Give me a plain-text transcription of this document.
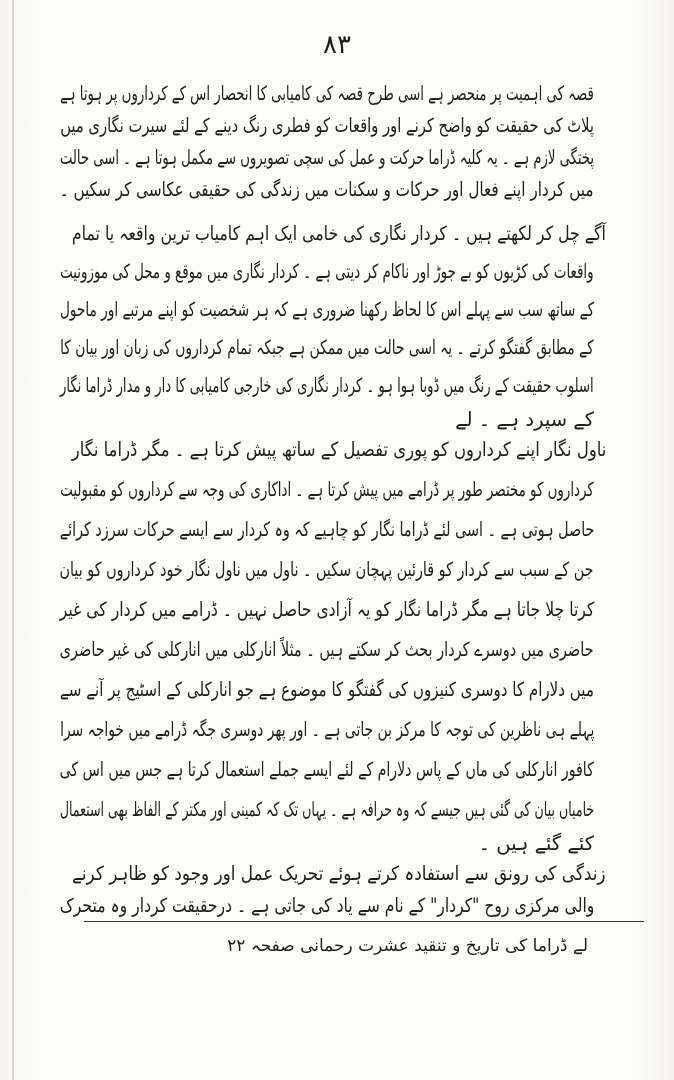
۸۳
قصہ کی اہمیت پر منحصر ہے اسی طرح قصہ کی کامیابی کا انحصار اس کے کرداروں پر ہوتا ہے
پلاٹ کی حقیقت کو واضح کرنے اور واقعات کو فطری رنگ دینے کے لئے سیرت نگاری میں
پختگی لازم ہے ۔ یہ کلیہ ڈراما حرکت و عمل کی سچی تصویروں سے مکمل ہوتا ہے ۔ اسی حالت
میں کردار اپنے فعال اور حرکات و سکنات میں زندگی کی حقیقی عکاسی کر سکیں ۔
آگے چل کر لکھتے ہیں ۔ کردار نگاری کی خامی ایک اہم کامیاب ترین واقعہ یا تمام
واقعات کی کڑیوں کو بے جوڑ اور ناکام کر دیتی ہے ۔ کردار نگاری میں موقع و محل کی موزونیت
کے ساتھ سب سے پہلے اس کا لحاظ رکھنا ضروری ہے کہ ہر شخصیت کو اپنے مرتبے اور ماحول
کے مطابق گفتگو کرتے ۔ یہ اسی حالت میں ممکن ہے جبکہ تمام کرداروں کی زبان اور بیان کا
اسلوب حقیقت کے رنگ میں ڈوبا ہوا ہو ۔ کردار نگاری کی خارجی کامیابی کا دار و مدار ڈراما نگار
کے سپرد ہے ۔ لے
ناول نگار اپنے کرداروں کو پوری تفصیل کے ساتھ پیش کرتا ہے ۔ مگر ڈراما نگار
کرداروں کو مختصر طور پر ڈرامے میں پیش کرتا ہے ۔ اداکاری کی وجہ سے کرداروں کو مقبولیت
حاصل ہوتی ہے ۔ اسی لئے ڈراما نگار کو چاہیے کہ وہ کردار سے ایسے حرکات سرزد کرائے
جن کے سبب سے کردار کو قارئین پہچان سکیں ۔ ناول میں ناول نگار خود کرداروں کو بیان
کرتا چلا جاتا ہے مگر ڈراما نگار کو یہ آزادی حاصل نہیں ۔ ڈرامے میں کردار کی غیر
حاضری میں دوسرے کردار بحث کر سکتے ہیں ۔ مثلاً انارکلی میں انارکلی کی غیر حاضری
میں دلارام کا دوسری کنیزوں کی گفتگو کا موضوع ہے جو انارکلی کے اسٹیج پر آنے سے
پہلے ہی ناظرین کی توجہ کا مرکز بن جاتی ہے ۔ اور پھر دوسری جگہ ڈرامے میں خواجہ سرا
کافور انارکلی کی ماں کے پاس دلارام کے لئے ایسے جملے استعمال کرتا ہے جس میں اس کی
خامیاں بیان کی گئی ہیں جیسے کہ وہ حرافہ ہے ۔ یہاں تک کہ کمینی اور مکتر کے الفاظ بھی استعمال
کئے گئے ہیں ۔
زندگی کی رونق سے استفادہ کرتے ہوئے تحریک عمل اور وجود کو ظاہر کرنے
والی مرکزی روح "کردار" کے نام سے یاد کی جاتی ہے ۔ درحقیقت کردار وہ متحرک
لے ڈراما کی تاریخ و تنقید عشرت رحمانی صفحہ ۲۲
